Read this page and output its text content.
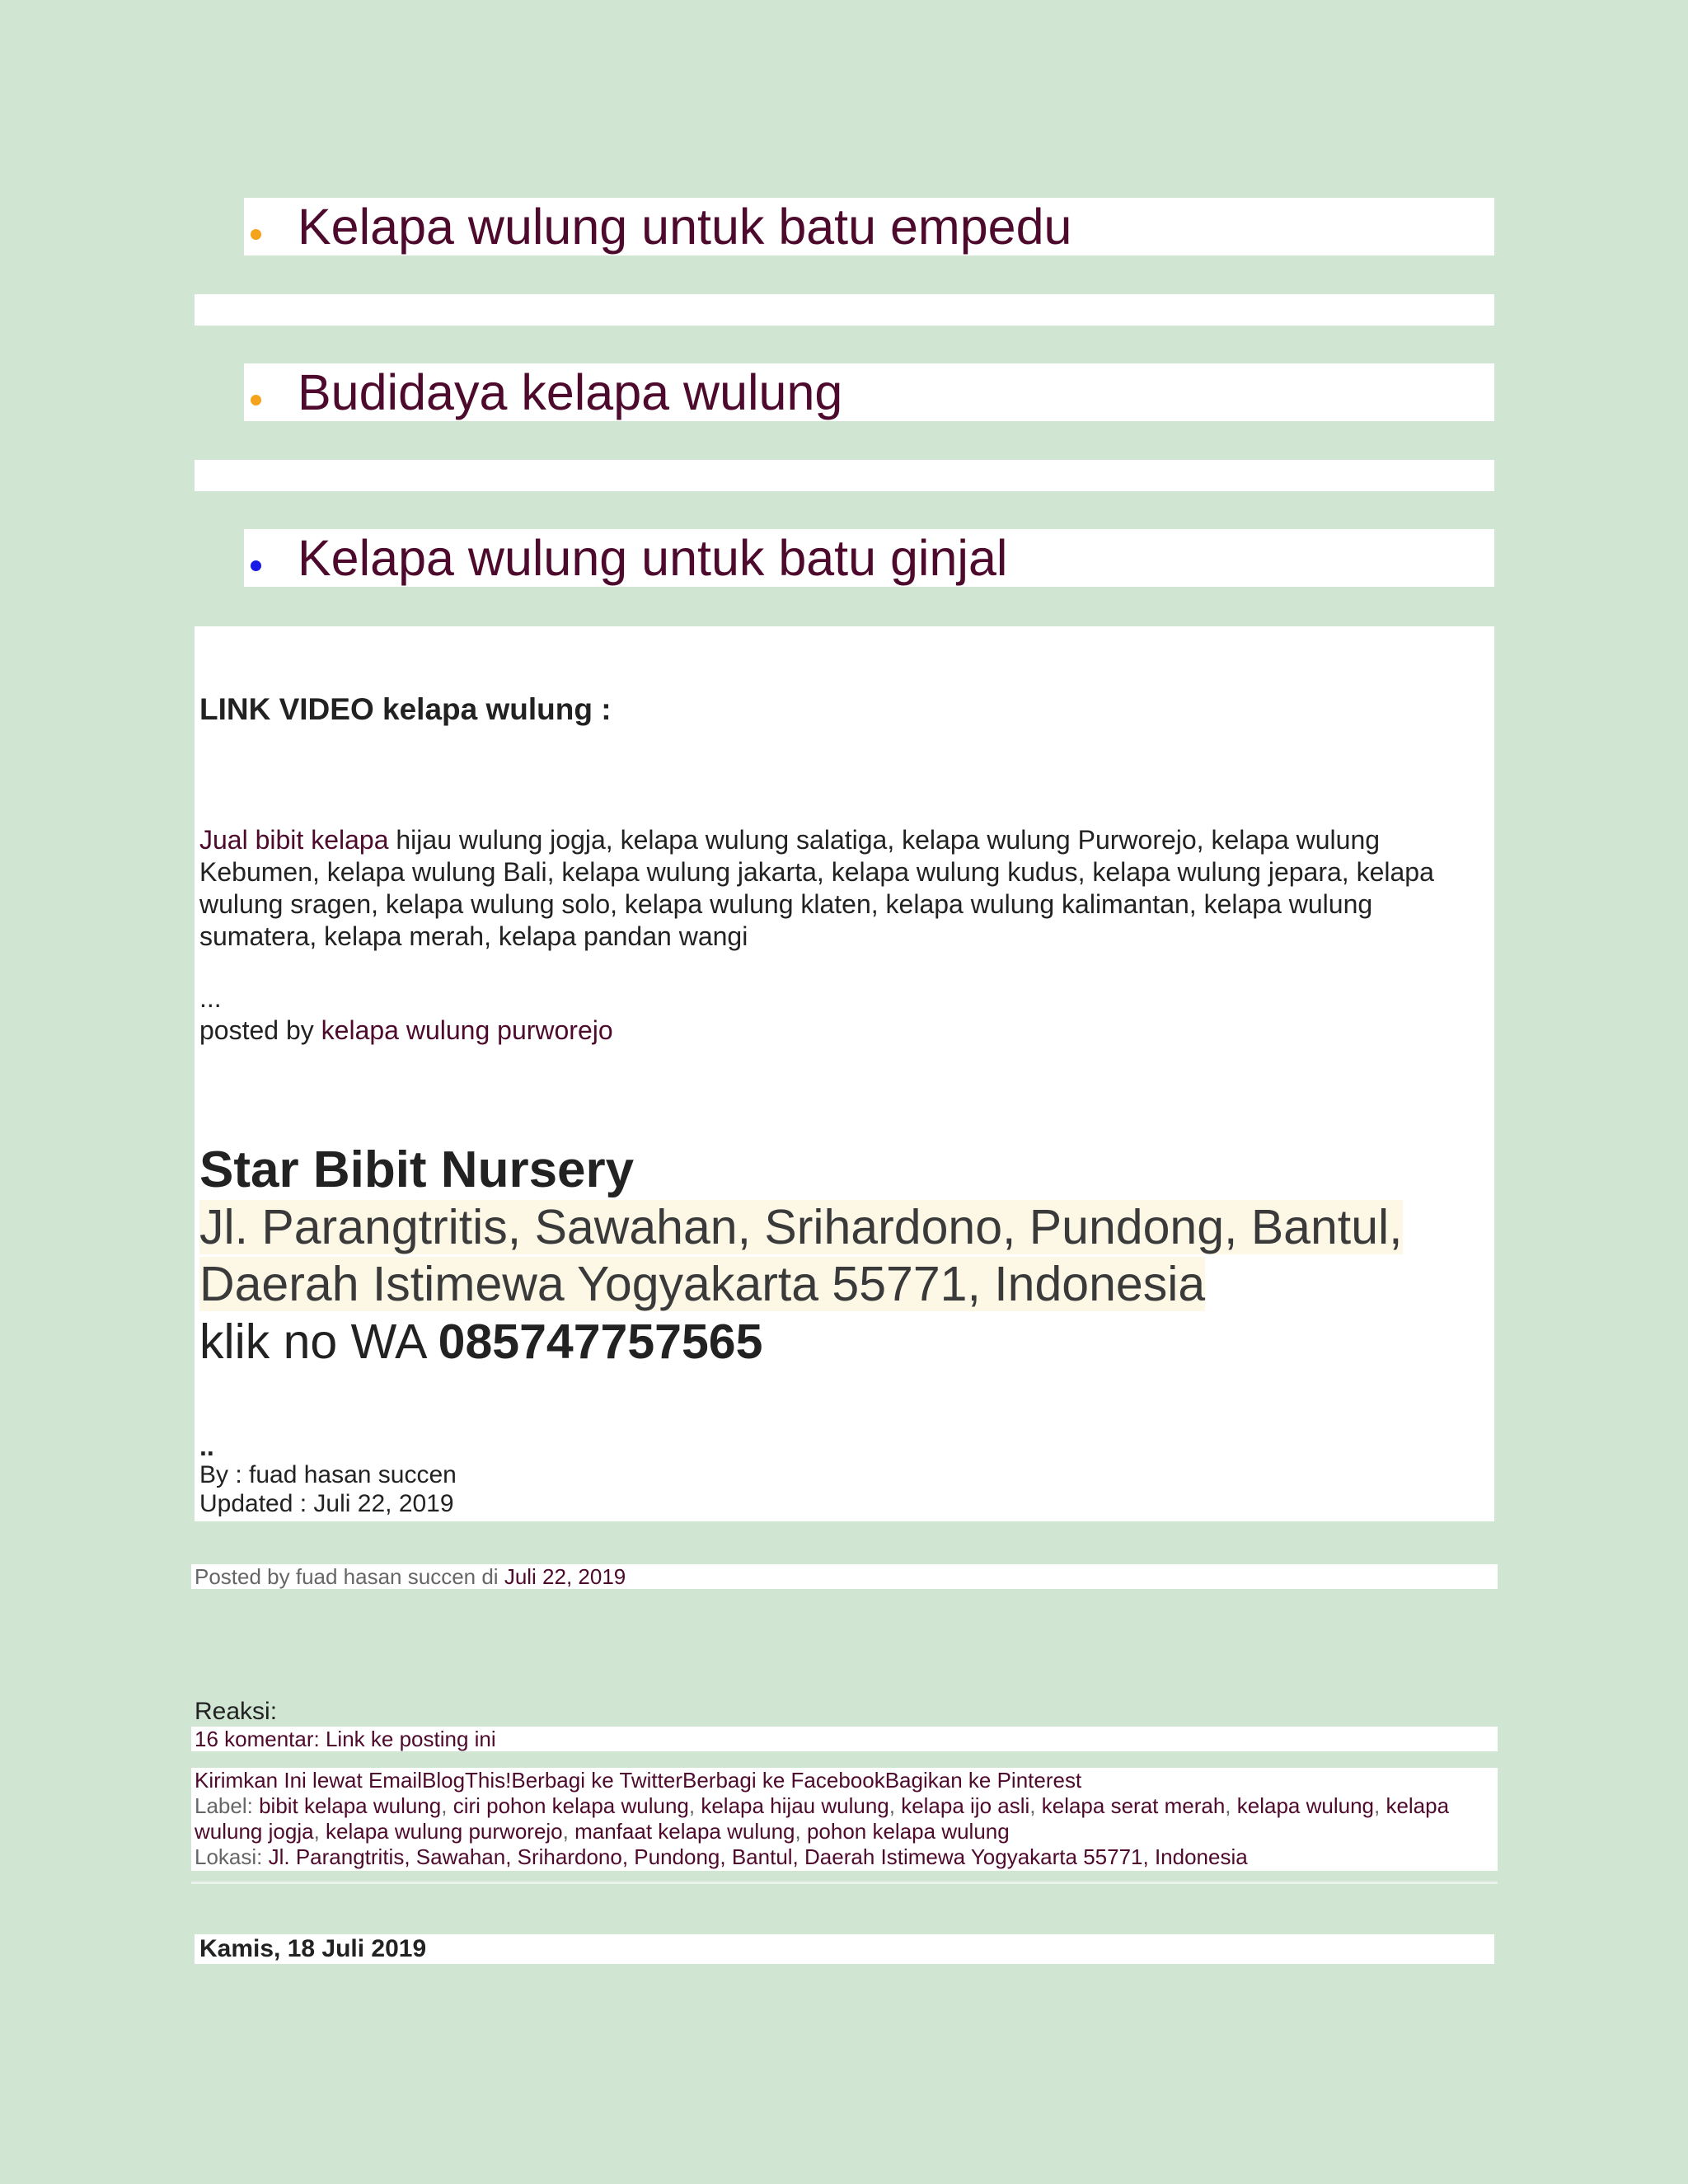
Kelapa wulung untuk batu empedu
Budidaya kelapa wulung
Kelapa wulung untuk batu ginjal
LINK VIDEO kelapa wulung :
Jual bibit kelapa hijau wulung jogja, kelapa wulung salatiga, kelapa wulung Purworejo, kelapa wulung Kebumen, kelapa wulung Bali, kelapa wulung jakarta, kelapa wulung kudus, kelapa wulung jepara, kelapa wulung sragen, kelapa wulung solo, kelapa wulung klaten, kelapa wulung kalimantan, kelapa wulung sumatera, kelapa merah, kelapa pandan wangi
...
posted by kelapa wulung purworejo
Star Bibit Nursery
Jl. Parangtritis, Sawahan, Srihardono, Pundong, Bantul,
Daerah Istimewa Yogyakarta 55771, Indonesia
klik no WA 085747757565
..
By : fuad hasan succen
Updated : Juli 22, 2019
Posted by fuad hasan succen di Juli 22, 2019
Reaksi:
16 komentar: Link ke posting ini
Kirimkan Ini lewat EmailBlogThis!Berbagi ke TwitterBerbagi ke FacebookBagikan ke Pinterest
Label: bibit kelapa wulung, ciri pohon kelapa wulung, kelapa hijau wulung, kelapa ijo asli, kelapa serat merah, kelapa wulung, kelapa wulung jogja, kelapa wulung purworejo, manfaat kelapa wulung, pohon kelapa wulung
Lokasi: Jl. Parangtritis, Sawahan, Srihardono, Pundong, Bantul, Daerah Istimewa Yogyakarta 55771, Indonesia
Kamis, 18 Juli 2019
